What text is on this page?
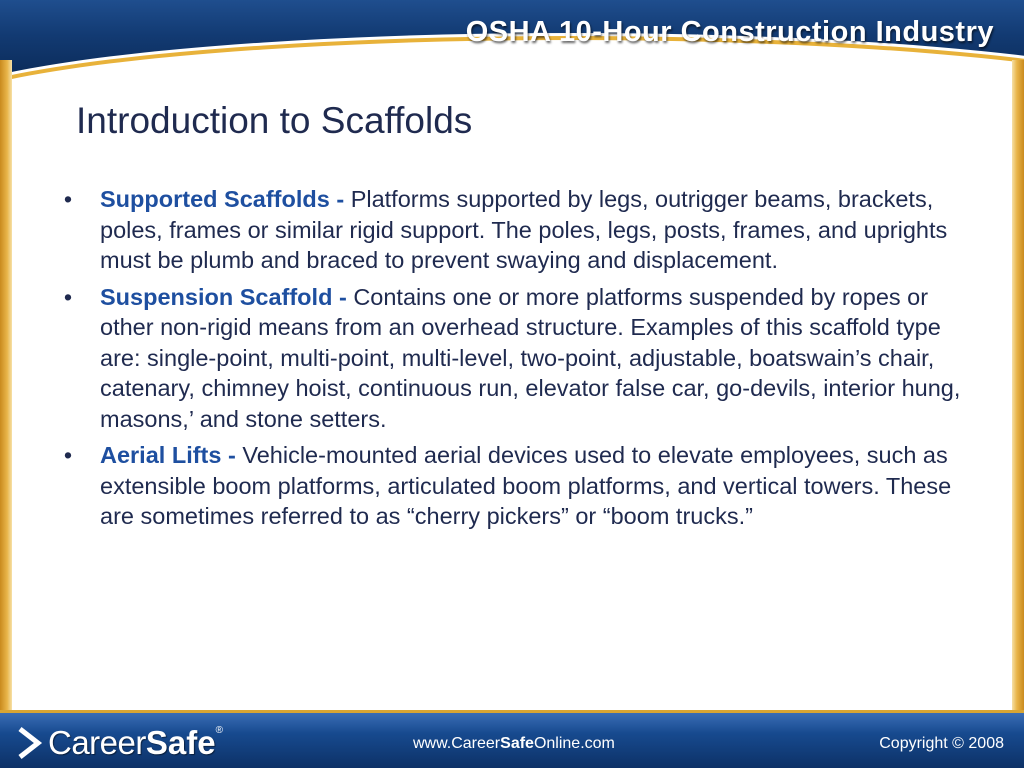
OSHA 10-Hour Construction Industry
Introduction to Scaffolds
• Supported Scaffolds - Platforms supported by legs, outrigger beams, brackets, poles, frames or similar rigid support. The poles, legs, posts, frames, and uprights must be plumb and braced to prevent swaying and displacement.
• Suspension Scaffold - Contains one or more platforms suspended by ropes or other non-rigid means from an overhead structure. Examples of this scaffold type are: single-point, multi-point, multi-level, two-point, adjustable, boatswain’s chair, catenary, chimney hoist, continuous run, elevator false car, go-devils, interior hung, masons,’ and stone setters.
• Aerial Lifts - Vehicle-mounted aerial devices used to elevate employees, such as extensible boom platforms, articulated boom platforms, and vertical towers. These are sometimes referred to as “cherry pickers” or “boom trucks.”
Career Safe ®
www.CareerSafeOnline.com	Copyright © 2008
